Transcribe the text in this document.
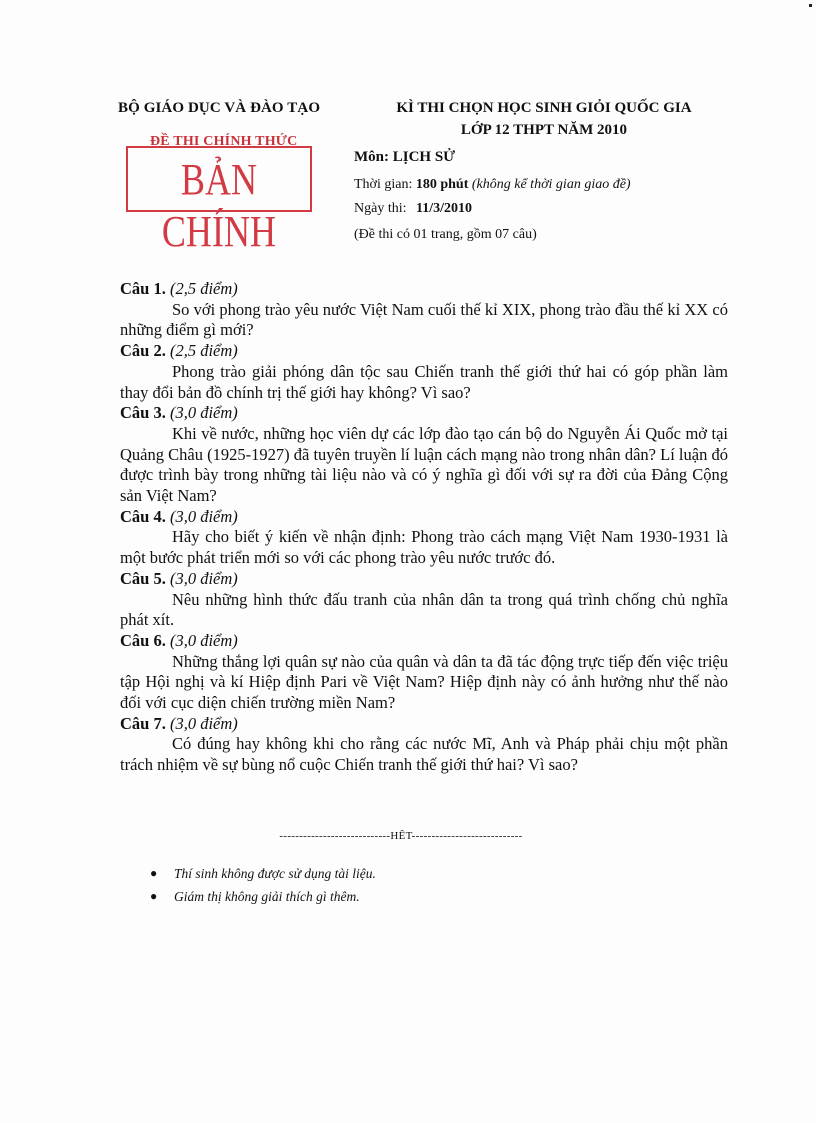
BỘ GIÁO DỤC VÀ ĐÀO TẠO
ĐỀ THI CHÍNH THỨC
BẢN CHÍNH
KÌ THI CHỌN HỌC SINH GIỎI QUỐC GIA
LỚP 12 THPT NĂM 2010
Môn: LỊCH SỬ
Thời gian: 180 phút (không kể thời gian giao đề)
Ngày thi: 11/3/2010
(Đề thi có 01 trang, gồm 07 câu)

Câu 1. (2,5 điểm)

So với phong trào yêu nước Việt Nam cuối thế kỉ XIX, phong trào đầu thế kỉ XX có những điểm gì mới?

Câu 2. (2,5 điểm)

Phong trào giải phóng dân tộc sau Chiến tranh thế giới thứ hai có góp phần làm thay đổi bản đồ chính trị thế giới hay không? Vì sao?

Câu 3. (3,0 điểm)

Khi về nước, những học viên dự các lớp đào tạo cán bộ do Nguyễn Ái Quốc mở tại Quảng Châu (1925-1927) đã tuyên truyền lí luận cách mạng nào trong nhân dân? Lí luận đó được trình bày trong những tài liệu nào và có ý nghĩa gì đối với sự ra đời của Đảng Cộng sản Việt Nam?

Câu 4. (3,0 điểm)

Hãy cho biết ý kiến về nhận định: Phong trào cách mạng Việt Nam 1930-1931 là một bước phát triển mới so với các phong trào yêu nước trước đó.

Câu 5. (3,0 điểm)

Nêu những hình thức đấu tranh của nhân dân ta trong quá trình chống chủ nghĩa phát xít.

Câu 6. (3,0 điểm)

Những thắng lợi quân sự nào của quân và dân ta đã tác động trực tiếp đến việc triệu tập Hội nghị và kí Hiệp định Pari về Việt Nam? Hiệp định này có ảnh hưởng như thế nào đối với cục diện chiến trường miền Nam?

Câu 7. (3,0 điểm)

Có đúng hay không khi cho rằng các nước Mĩ, Anh và Pháp phải chịu một phần trách nhiệm về sự bùng nổ cuộc Chiến tranh thế giới thứ hai? Vì sao?

----------------------------HẾT----------------------------
● Thí sinh không được sử dụng tài liệu.
● Giám thị không giải thích gì thêm.
